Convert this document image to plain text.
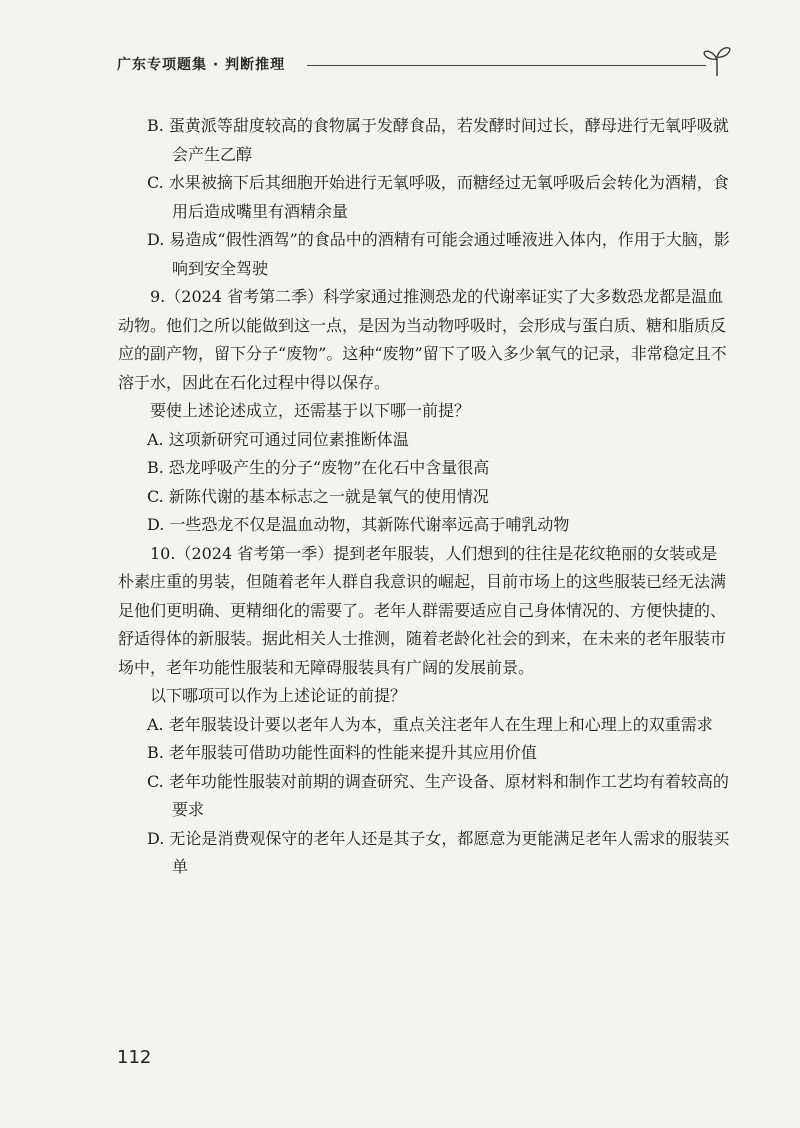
广东专项题集 · 判断推理
B. 蛋黄派等甜度较高的食物属于发酵食品，若发酵时间过长，酵母进行无氧呼吸就会产生乙醇
C. 水果被摘下后其细胞开始进行无氧呼吸，而糖经过无氧呼吸后会转化为酒精，食用后造成嘴里有酒精余量
D. 易造成“假性酒驾”的食品中的酒精有可能会通过唾液进入体内，作用于大脑，影响到安全驾驶
9.（2024 省考第二季）科学家通过推测恐龙的代谢率证实了大多数恐龙都是温血动物。他们之所以能做到这一点，是因为当动物呼吸时，会形成与蛋白质、糖和脂质反应的副产物，留下分子“废物”。这种“废物”留下了吸入多少氧气的记录，非常稳定且不溶于水，因此在石化过程中得以保存。
要使上述论述成立，还需基于以下哪一前提？
A. 这项新研究可通过同位素推断体温
B. 恐龙呼吸产生的分子“废物”在化石中含量很高
C. 新陈代谢的基本标志之一就是氧气的使用情况
D. 一些恐龙不仅是温血动物，其新陈代谢率远高于哺乳动物
10.（2024 省考第一季）提到老年服装，人们想到的往往是花纹艳丽的女装或是朴素庄重的男装，但随着老年人群自我意识的崛起，目前市场上的这些服装已经无法满足他们更明确、更精细化的需要了。老年人群需要适应自己身体情况的、方便快捷的、舒适得体的新服装。据此相关人士推测，随着老龄化社会的到来，在未来的老年服装市场中，老年功能性服装和无障碍服装具有广阔的发展前景。
以下哪项可以作为上述论证的前提？
A. 老年服装设计要以老年人为本，重点关注老年人在生理上和心理上的双重需求
B. 老年服装可借助功能性面料的性能来提升其应用价值
C. 老年功能性服装对前期的调查研究、生产设备、原材料和制作工艺均有着较高的要求
D. 无论是消费观保守的老年人还是其子女，都愿意为更能满足老年人需求的服装买单
112
